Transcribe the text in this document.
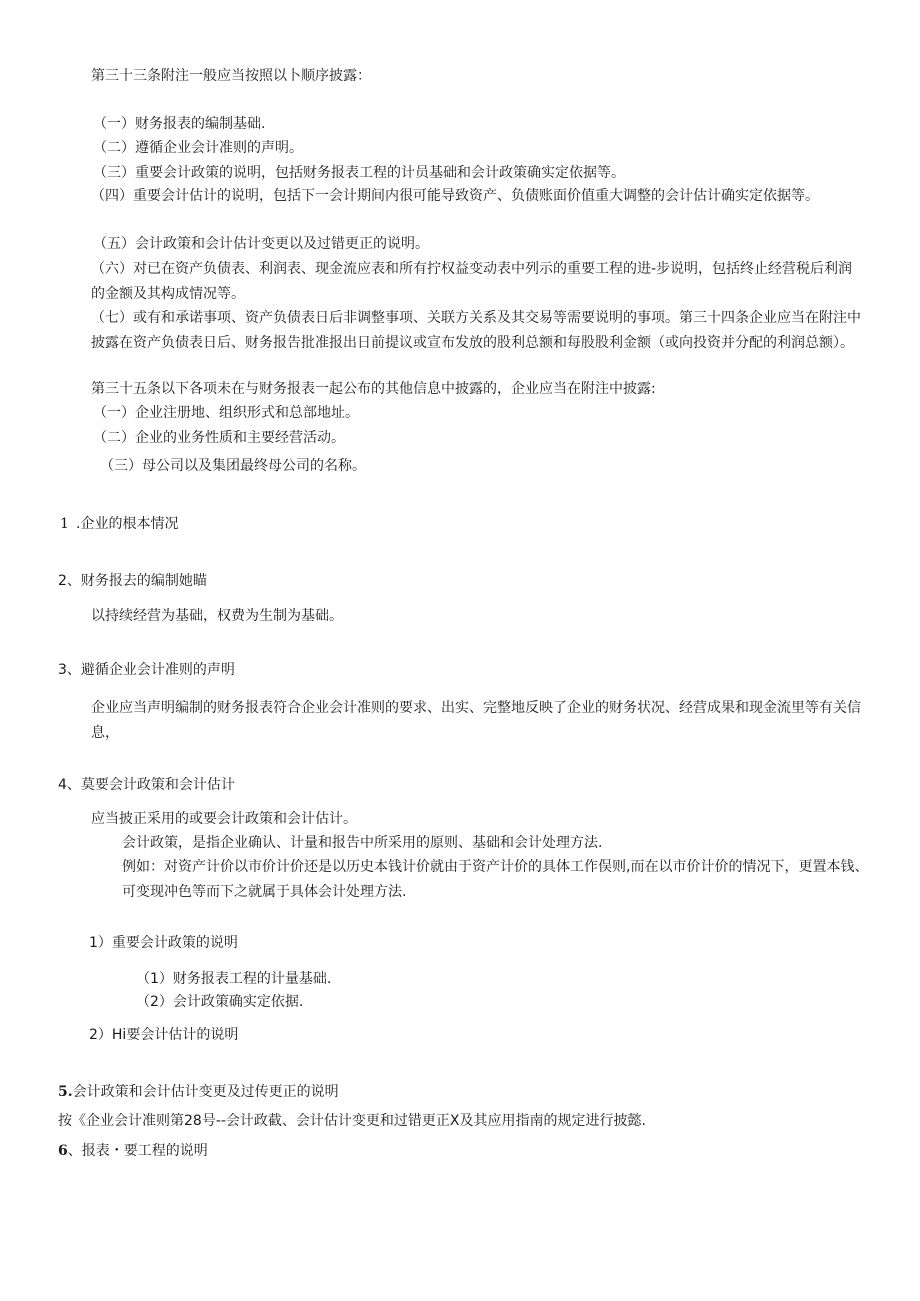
第三十三条附注一般应当按照以卜顺序披露：

（一）财务报表的编制基础.

（二）遵循企业会计准则的声明。

（三）重要会计政策的说明，包括财务报表工程的计员基础和会计政策确实定依据等。

（四）重要会计估计的说明，包括下一会计期间内很可能导致资产、负债账面价值重大调整的会计估计确实定依据等。

（五）会计政策和会计估计变更以及过错更正的说明。

（六）对已在资产负债表、利润表、现金流应表和所有拧权益变动表中列示的重要工程的进-步说明，包括终止经营税后利润的金额及其构成情况等。

（七）或有和承诺事项、资产负债表日后非调整事项、关联方关系及其交易等需要说明的事项。第三十四条企业应当在附注中披露在资产负债表日后、财务报告批准报出日前提议或宣布发放的股利总额和每股股利金额（或向投资并分配的利润总额）。

第三十五条以下各项未在与财务报表一起公布的其他信息中披露的，企业应当在附注中披露:

（一）企业注册地、组织形式和总部地址。

（二）企业的业务性质和主要经营活动。

（三）母公司以及集团最终母公司的名称。

1 .企业的根本情况

2、财务报去的编制她瞄

以持续经营为基础，权费为生制为基础。

3、避循企业会计准则的声明

企业应当声明编制的财务报表符合企业会计准则的要求、出实、完整地反映了企业的财务状况、经营成果和现金流里等有关信息，

4、莫要会计政策和会计估计

应当披正采用的或要会计政策和会计估计。

会计政策，是指企业确认、计量和报告中所采用的原则、基础和会计处理方法.

例如：对资产计价以市价计价还是以历史本钱计价就由于资产计价的具体工作俣则,而在以市价计价的情况下，更置本钱、可变现冲色等而下之就属于具体会计处理方法.

1）重要会计政策的说明

（1）财务报表工程的计量基础.

（2）会计政策确实定依据.

2）Hi要会计估计的说明

5.会计政策和会计估计变更及过传更正的说明

按《企业会计准则第28号--会计政截、会计估计变更和过错更正X及其应用指南的规定进行披懿.

6、报表・要工程的说明
